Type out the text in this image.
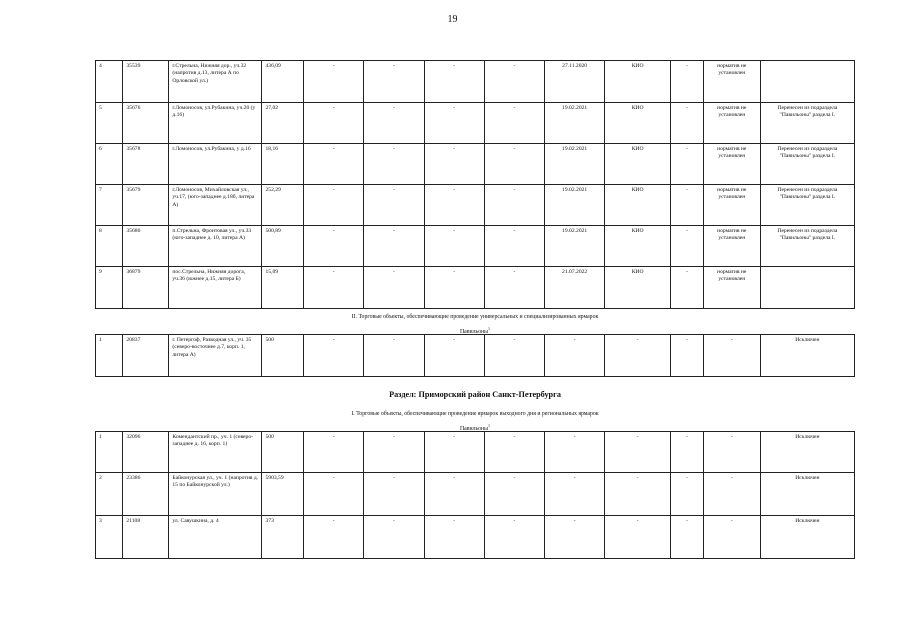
19
4	35539	г.Стрельна, Нижняя дор., уч.32 (напротив д.13, литера А по Орловской ул.)	436,09	-	-	-	-	27.11.2020	КИО	-	норматив не установлен	
5	35676	г.Ломоносов, ул.Рубакина, уч.20 (у д.16)	27,02	-	-	-	-	19.02.2021	КИО	-	норматив не установлен	Перенесен из подраздела "Павильоны" раздела I.
6	35678	г.Ломоносов, ул.Рубакина, у д.16	18,16	-	-	-	-	19.02.2021	КИО	-	норматив не установлен	Перенесен из подраздела "Павильоны" раздела I.
7	35679	г.Ломоносов, Михайловская ул., уч.17, (юго-западнее д.18б, литера А)	252,29	-	-	-	-	19.02.2021	КИО	-	норматив не установлен	Перенесен из подраздела "Павильоны" раздела I.
8	35680	п.Стрельна, Фронтовая ул., уч.33 (юго-западнее д. 10, литера А)	500,89	-	-	-	-	19.02.2021	КИО	-	норматив не установлен	Перенесен из подраздела "Павильоны" раздела I.
9	36879	пос.Стрельна, Нижняя дорога, уч.36 (южнее д.15, литера Б)	15,09	-	-	-	-	21.07.2022	КИО	-	норматив не установлен	
II. Торговые объекты, обеспечивающие проведение универсальных и специализированных ярмарок
Павильоны$^1$
1	20837	г. Петергоф, Разводная ул., уч. 35 (северо-восточнее д.7, корп. 1, литера А)	500	-	-	-	-	-	-	-	-	Исключен
Раздел: Приморский район Санкт-Петербурга
I. Торговые объекты, обеспечивающие проведение ярмарок выходного дня и региональных ярмарок
Павильоны$^1$
1	32096	Комендантский пр., уч. 1 (северо-западнее д. 16, корп. 1)	500	-	-	-	-	-	-	-	-	Исключен
2	23386	Байконурская ул., уч. 1 (напротив д. 15 по Байконурской ул.)	5903,59	-	-	-	-	-	-	-	-	Исключен
3	21108	ул. Савушкина, д. 4	373	-	-	-	-	-	-	-	-	Исключен
